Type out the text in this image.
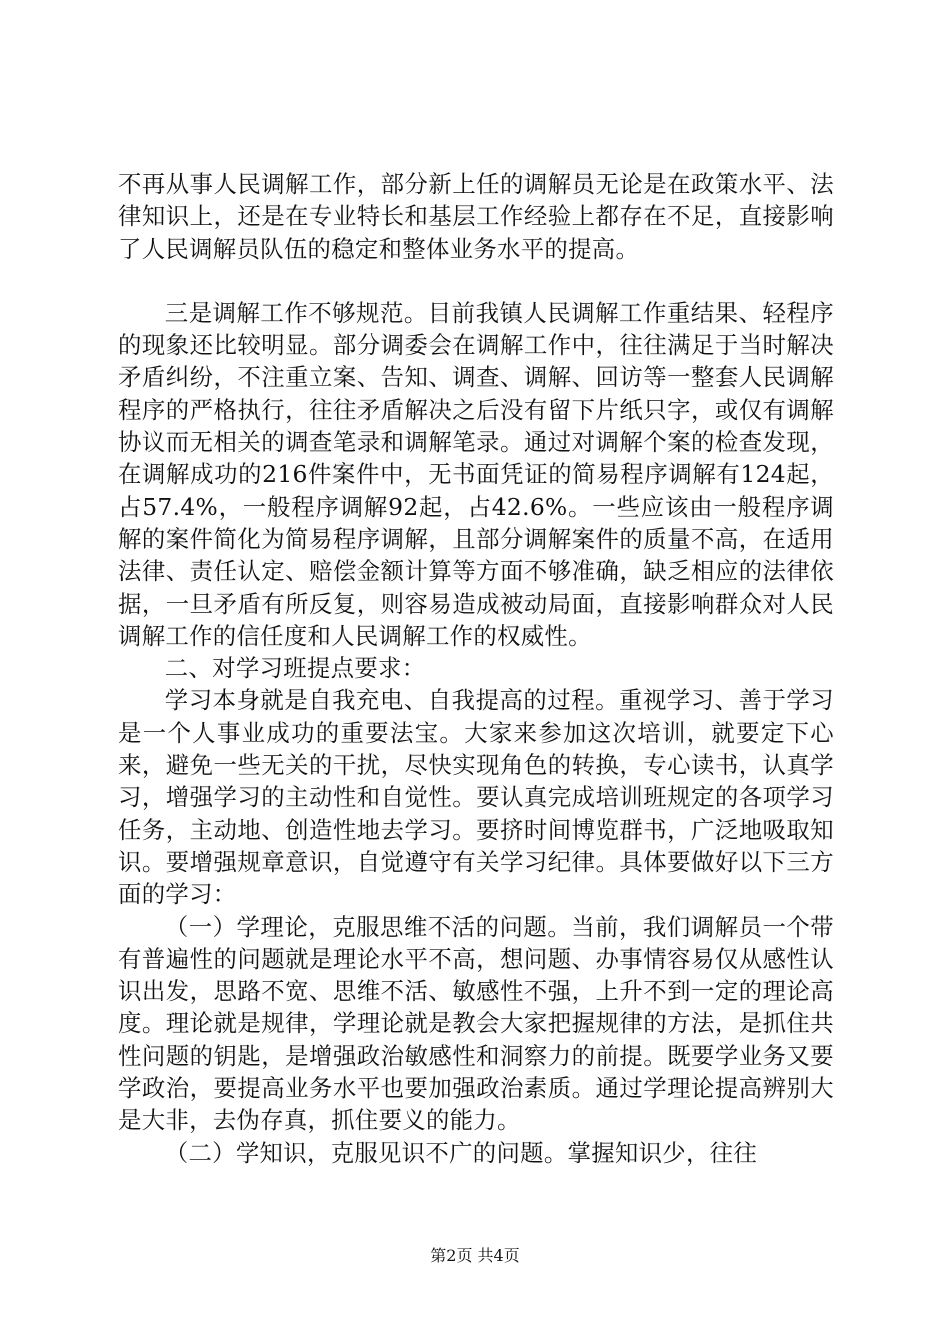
不再从事人民调解工作，部分新上任的调解员无论是在政策水平、法律知识上，还是在专业特长和基层工作经验上都存在不足，直接影响了人民调解员队伍的稳定和整体业务水平的提高。

三是调解工作不够规范。目前我镇人民调解工作重结果、轻程序的现象还比较明显。部分调委会在调解工作中，往往满足于当时解决矛盾纠纷，不注重立案、告知、调查、调解、回访等一整套人民调解程序的严格执行，往往矛盾解决之后没有留下片纸只字，或仅有调解协议而无相关的调查笔录和调解笔录。通过对调解个案的检查发现，在调解成功的216件案件中，无书面凭证的简易程序调解有124起，占57.4%，一般程序调解92起，占42.6%。一些应该由一般程序调解的案件简化为简易程序调解，且部分调解案件的质量不高，在适用法律、责任认定、赔偿金额计算等方面不够准确，缺乏相应的法律依据，一旦矛盾有所反复，则容易造成被动局面，直接影响群众对人民调解工作的信任度和人民调解工作的权威性。

二、对学习班提点要求：

学习本身就是自我充电、自我提高的过程。重视学习、善于学习是一个人事业成功的重要法宝。大家来参加这次培训，就要定下心来，避免一些无关的干扰，尽快实现角色的转换，专心读书，认真学习，增强学习的主动性和自觉性。要认真完成培训班规定的各项学习任务，主动地、创造性地去学习。要挤时间博览群书，广泛地吸取知识。要增强规章意识，自觉遵守有关学习纪律。具体要做好以下三方面的学习：

（一）学理论，克服思维不活的问题。当前，我们调解员一个带有普遍性的问题就是理论水平不高，想问题、办事情容易仅从感性认识出发，思路不宽、思维不活、敏感性不强，上升不到一定的理论高度。理论就是规律，学理论就是教会大家把握规律的方法，是抓住共性问题的钥匙，是增强政治敏感性和洞察力的前提。既要学业务又要学政治，要提高业务水平也要加强政治素质。通过学理论提高辨别大是大非，去伪存真，抓住要义的能力。

（二）学知识，克服见识不广的问题。掌握知识少，往往

第2页 共4页
